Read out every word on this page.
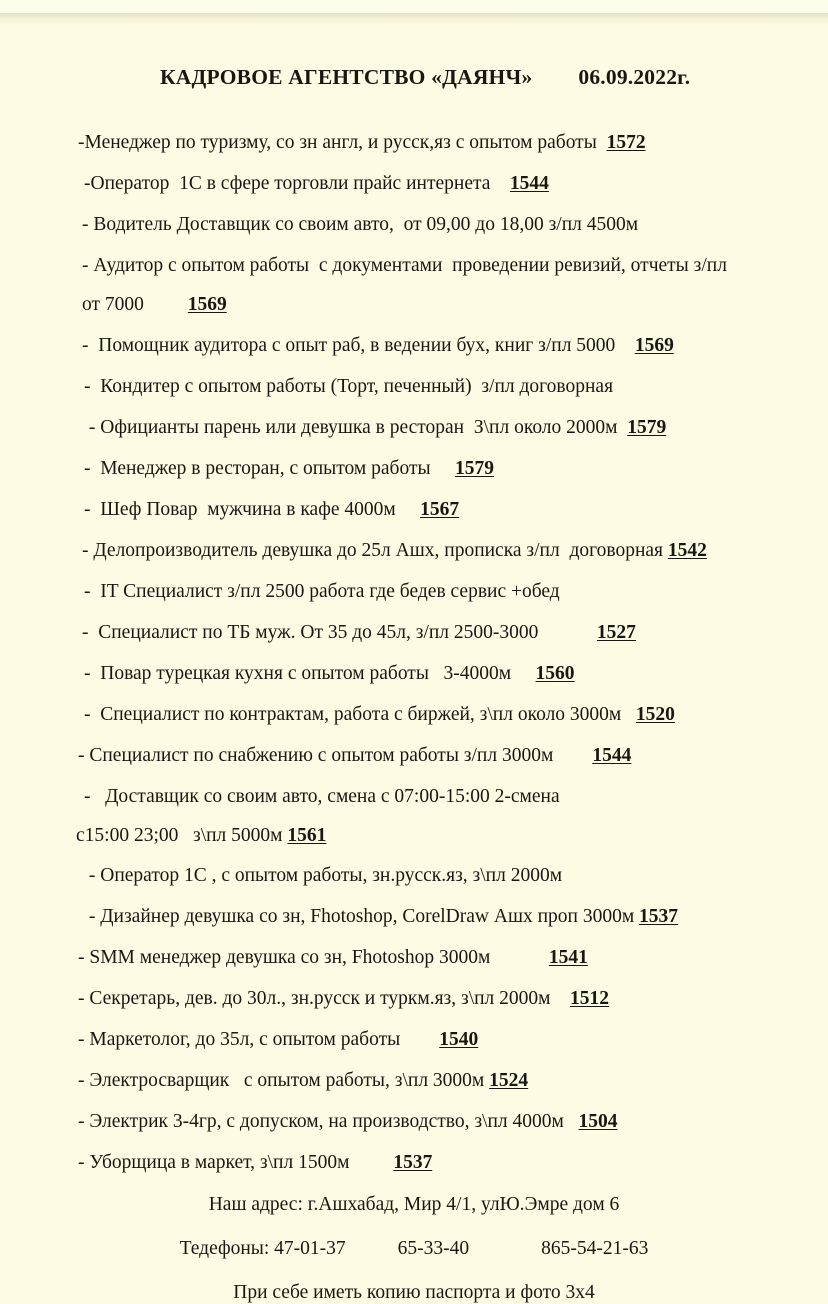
КАДРОВОЕ АГЕНТСТВО «ДАЯНЧ» 06.09.2022г.

-Менеджер по туризму, со зн англ, и русск,яз с опытом работы  1572
-Оператор  1С в сфере торговли прайс интернета    1544
- Водитель Доставщик со своим авто,  от 09,00 до 18,00 з/пл 4500м
- Аудитор с опытом работы  с документами  проведении ревизий, отчеты з/пл
от 7000         1569
-  Помощник аудитора с опыт раб, в ведении бух, книг з/пл 5000    1569
-  Кондитер с опытом работы (Торт, печенный)  з/пл договорная
- Официанты парень или девушка в ресторан  З\пл около 2000м  1579
-  Менеджер в ресторан, с опытом работы     1579
-  Шеф Повар  мужчина в кафе 4000м     1567
- Делопроизводитель девушка до 25л Ашх, прописка з/пл  договорная 1542
-  IT Специалист з/пл 2500 работа где бедев сервис +обед
-  Специалист по ТБ муж. От 35 до 45л, з/пл 2500-3000            1527
-  Повар турецкая кухня с опытом работы   3-4000м     1560
-  Специалист по контрактам, работа с биржей, з\пл около 3000м   1520
- Специалист по снабжению с опытом работы з/пл 3000м        1544
-   Доставщик со своим авто, смена с 07:00-15:00 2-смена
с15:00 23;00   з\пл 5000м 1561
- Оператор 1С , с опытом работы, зн.русск.яз, з\пл 2000м
- Дизайнер девушка со зн, Fhotoshop, CorelDraw Ашх проп 3000м 1537
- SMM менеджер девушка со зн, Fhotoshop 3000м            1541
- Секретарь, дев. до 30л., зн.русск и туркм.яз, з\пл 2000м    1512
- Маркетолог, до 35л, с опытом работы        1540
- Электросварщик   с опытом работы, з\пл 3000м 1524
- Электрик 3-4гр, с допуском, на производство, з\пл 4000м   1504
- Уборщица в маркет, з\пл 1500м         1537
Наш адрес: г.Ашхабад, Мир 4/1, улЮ.Эмре дом 6
Тедефоны: 47-01-37	65-33-40	865-54-21-63
При себе иметь копию паспорта и фото 3х4
